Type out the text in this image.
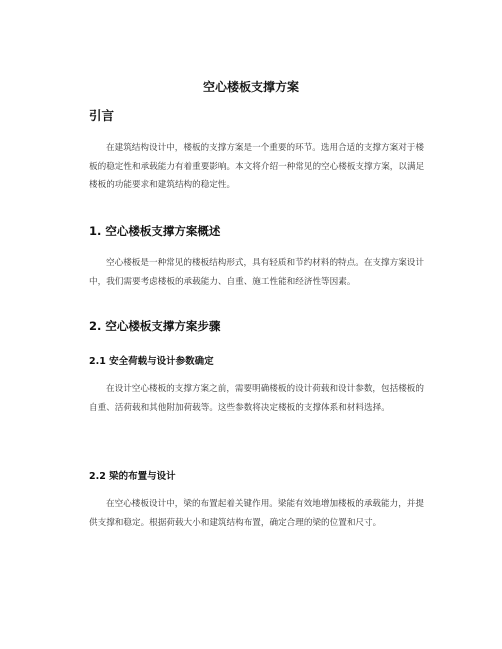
空心楼板支撑方案
引言

在建筑结构设计中，楼板的支撑方案是一个重要的环节。选用合适的支撑方案对于楼板的稳定性和承载能力有着重要影响。本文将介绍一种常见的空心楼板支撑方案，以满足楼板的功能要求和建筑结构的稳定性。

1. 空心楼板支撑方案概述

空心楼板是一种常见的楼板结构形式，具有轻质和节约材料的特点。在支撑方案设计中，我们需要考虑楼板的承载能力、自重、施工性能和经济性等因素。

2. 空心楼板支撑方案步骤
2.1 安全荷载与设计参数确定

在设计空心楼板的支撑方案之前，需要明确楼板的设计荷载和设计参数，包括楼板的自重、活荷载和其他附加荷载等。这些参数将决定楼板的支撑体系和材料选择。

2.2 梁的布置与设计

在空心楼板设计中，梁的布置起着关键作用。梁能有效地增加楼板的承载能力，并提供支撑和稳定。根据荷载大小和建筑结构布置，确定合理的梁的位置和尺寸。
